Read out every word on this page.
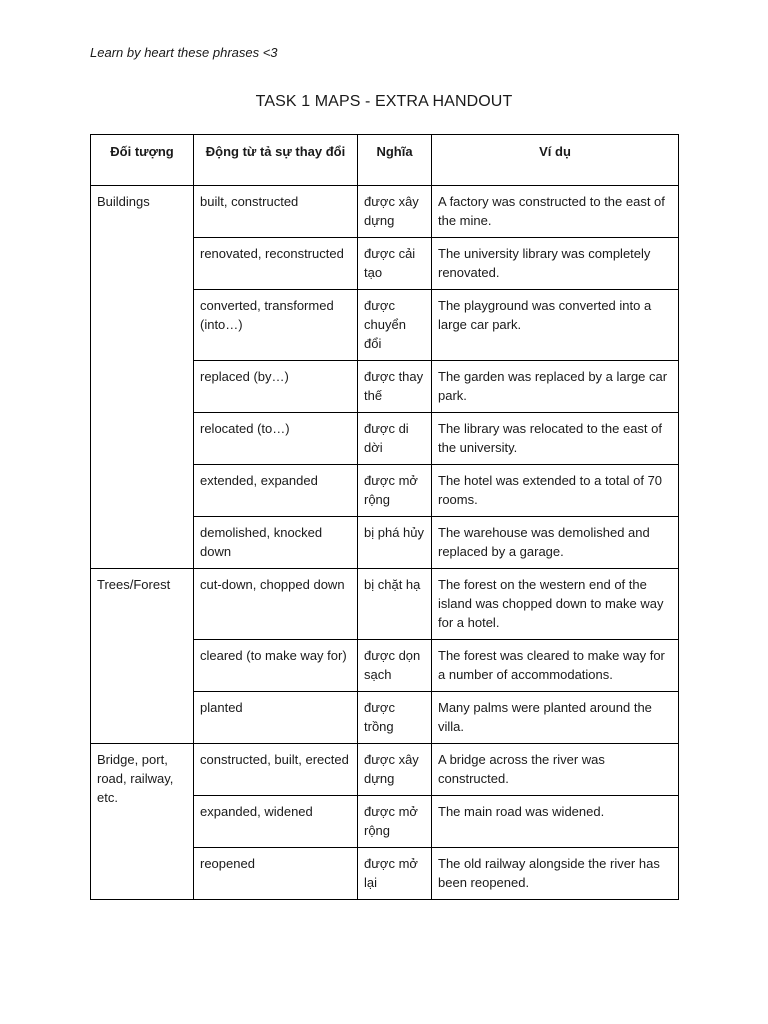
Learn by heart these phrases <3

TASK 1 MAPS - EXTRA HANDOUT
Đối tượng	Động từ tả sự thay đổi	Nghĩa	Ví dụ
Buildings	built, constructed	được xây dựng	A factory was constructed to the east of the mine.
	renovated, reconstructed	được cải tạo	The university library was completely renovated.
	converted, transformed (into…)	được chuyển đổi	The playground was converted into a large car park.
	replaced (by…)	được thay thế	The garden was replaced by a large car park.
	relocated (to…)	được di dời	The library was relocated to the east of the university.
	extended, expanded	được mở rộng	The hotel was extended to a total of 70 rooms.
	demolished, knocked down	bị phá hủy	The warehouse was demolished and replaced by a garage.
Trees/Forest	cut-down, chopped down	bị chặt hạ	The forest on the western end of the island was chopped down to make way for a hotel.
	cleared (to make way for)	được dọn sạch	The forest was cleared to make way for a number of accommodations.
	planted	được trồng	Many palms were planted around the villa.
Bridge, port, road, railway, etc.	constructed, built, erected	được xây dựng	A bridge across the river was constructed.
	expanded, widened	được mở rộng	The main road was widened.
	reopened	được mở lại	The old railway alongside the river has been reopened.
